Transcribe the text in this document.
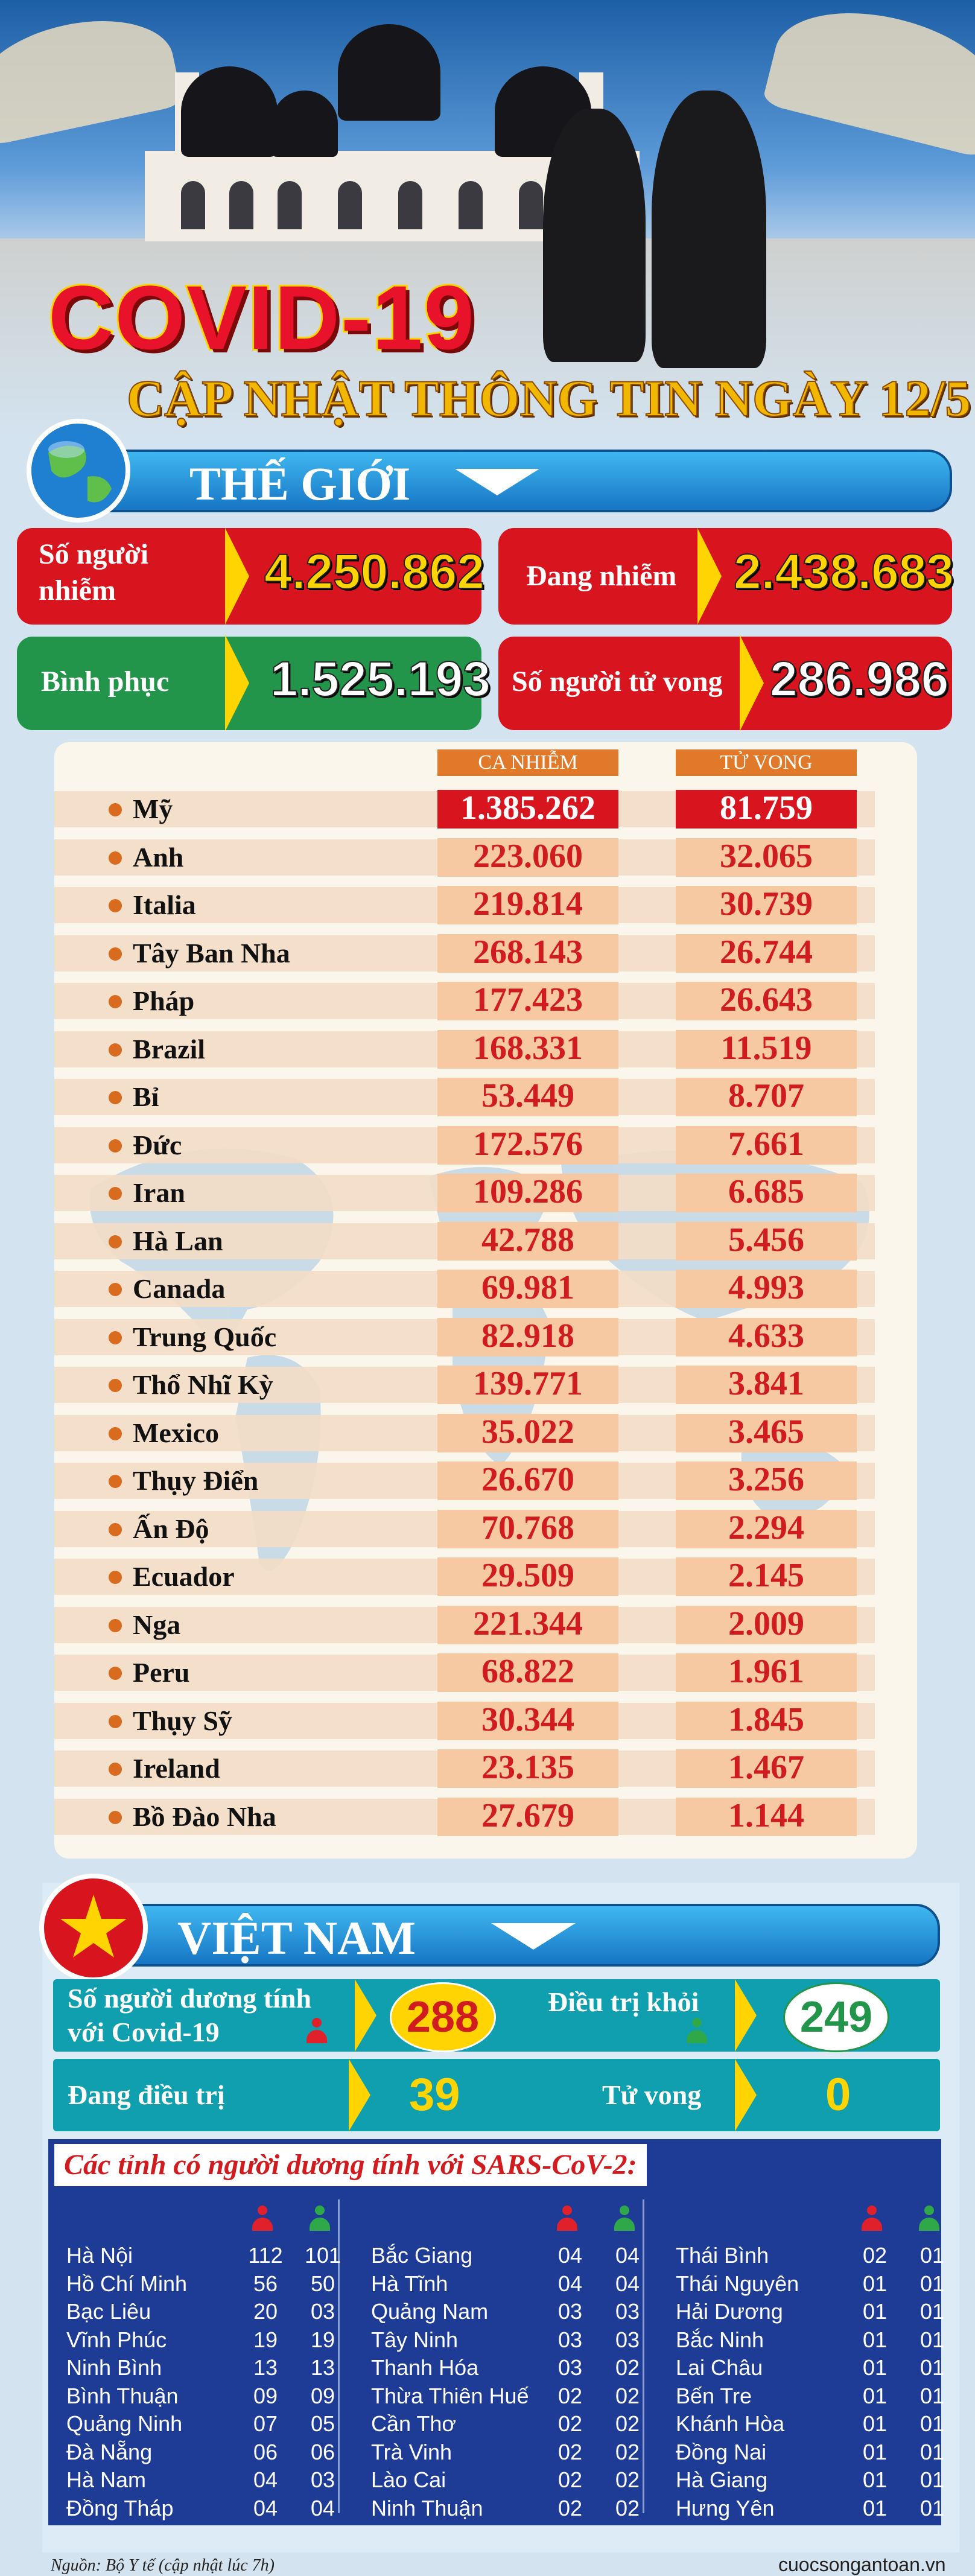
COVID-19
CẬP NHẬT THÔNG TIN NGÀY 12/5
THẾ GIỚI
Số người
nhiễm	4.250.862 Đang nhiễm 2.438.683
Bình phục 1.525.193 Số người tử vong 286.986
CA NHIỄM	TỬ VONG
Mỹ	1.385.262	81.759
Anh	223.060	32.065
Italia	219.814	30.739
Tây Ban Nha	268.143	26.744
Pháp	177.423	26.643
Brazil	168.331	11.519
Bỉ	53.449	8.707
Đức	172.576	7.661
Iran	109.286	6.685
Hà Lan	42.788	5.456
Canada	69.981	4.993
Trung Quốc	82.918	4.633
Thổ Nhĩ Kỳ	139.771	3.841
Mexico	35.022	3.465
Thụy Điển	26.670	3.256
Ấn Độ	70.768	2.294
Ecuador	29.509	2.145
Nga	221.344	2.009
Peru	68.822	1.961
Thụy Sỹ	30.344	1.845
Ireland	23.135	1.467
Bồ Đào Nha	27.679	1.144
VIỆT NAM
Số người dương tính
với Covid-19	288	Điều trị khỏi	249
Đang điều trị	39	Tử vong	0
Các tỉnh có người dương tính với SARS-CoV-2:
Hà Nội	112 101
Hồ Chí Minh	56 50
Bạc Liêu	20 03
Vĩnh Phúc	19 19
Ninh Bình	13 13
Bình Thuận	09 09
Quảng Ninh	07 05
Đà Nẵng	06 06
Hà Nam	04 03
Đồng Tháp	04 04
Bắc Giang	04 04
Hà Tĩnh	04 04
Quảng Nam	03 03
Tây Ninh	03 03
Thanh Hóa	03 02
Thừa Thiên Huế 02 02
Cần Thơ	02 02
Trà Vinh	02 02
Lào Cai	02 02
Ninh Thuận	02 02
Thái Bình	02 01
Thái Nguyên	01 01
Hải Dương	01 01
Bắc Ninh	01 01
Lai Châu	01 01
Bến Tre	01 01
Khánh Hòa	01 01
Đồng Nai	01 01
Hà Giang	01 01
Hưng Yên	01 01
Nguồn: Bộ Y tế (cập nhật lúc 7h)	cuocsongantoan.vn
